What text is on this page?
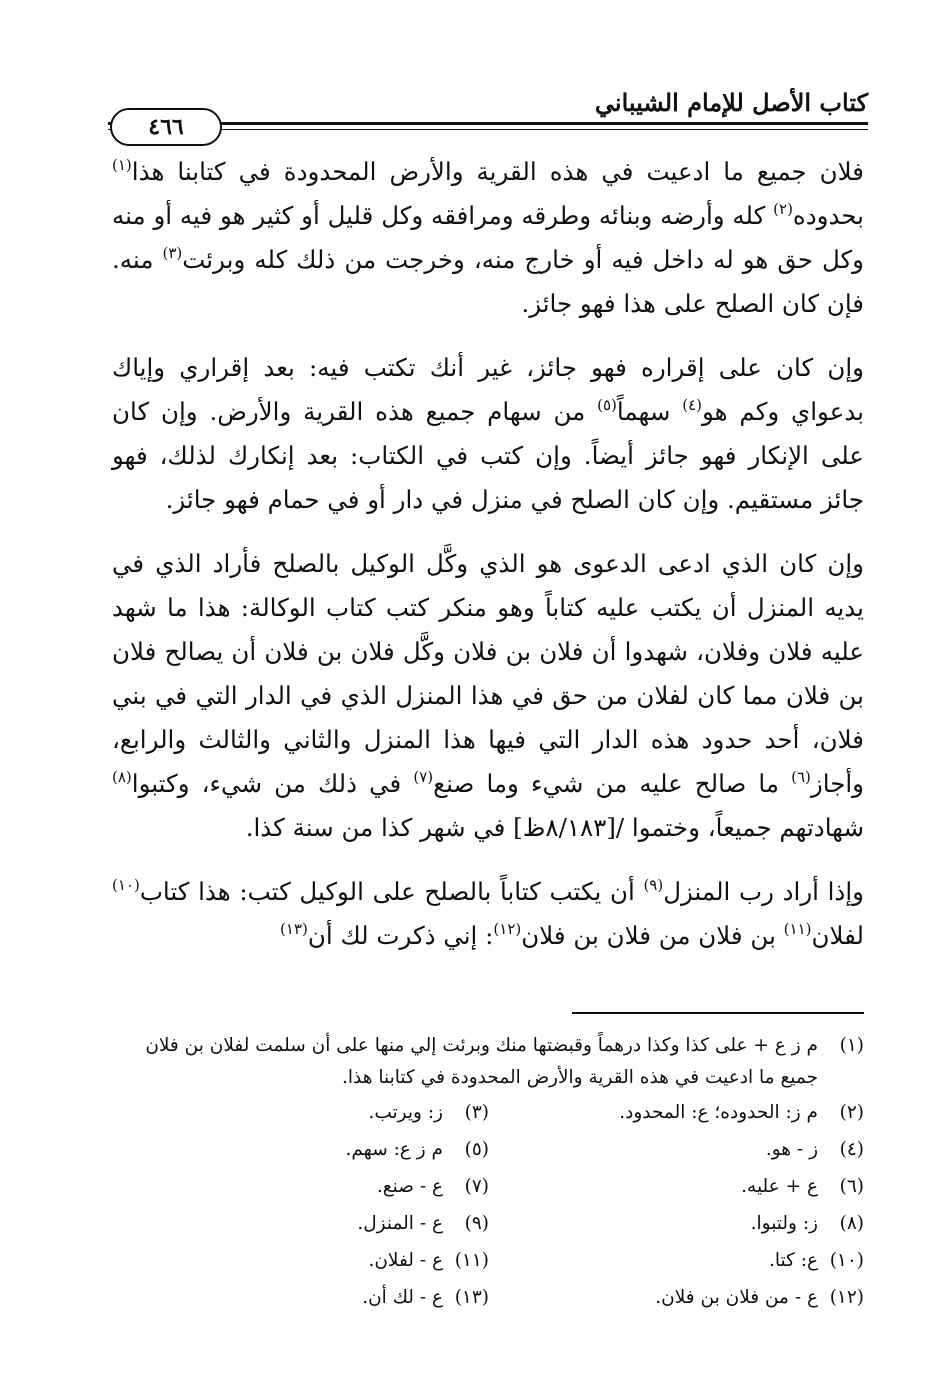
كتاب الأصل للإمام الشيباني
٤٦٦

فلان جميع ما ادعيت في هذه القرية والأرض المحدودة في كتابنا هذا$^{(١)}$ بحدوده$^{(٢)}$ كله وأرضه وبنائه وطرقه ومرافقه وكل قليل أو كثير هو فيه أو منه وكل حق هو له داخل فيه أو خارج منه، وخرجت من ذلك كله وبرئت$^{(٣)}$ منه. فإن كان الصلح على هذا فهو جائز.

وإن كان على إقراره فهو جائز، غير أنك تكتب فيه: بعد إقراري وإياك بدعواي وكم هو$^{(٤)}$ سهماً$^{(٥)}$ من سهام جميع هذه القرية والأرض. وإن كان على الإنكار فهو جائز أيضاً. وإن كتب في الكتاب: بعد إنكارك لذلك، فهو جائز مستقيم. وإن كان الصلح في منزل في دار أو في حمام فهو جائز.

وإن كان الذي ادعى الدعوى هو الذي وكَّل الوكيل بالصلح فأراد الذي في يديه المنزل أن يكتب عليه كتاباً وهو منكر كتب كتاب الوكالة: هذا ما شهد عليه فلان وفلان، شهدوا أن فلان بن فلان وكَّل فلان بن فلان أن يصالح فلان بن فلان مما كان لفلان من حق في هذا المنزل الذي في الدار التي في بني فلان، أحد حدود هذه الدار التي فيها هذا المنزل والثاني والثالث والرابع، وأجاز$^{(٦)}$ ما صالح عليه من شيء وما صنع$^{(٧)}$ في ذلك من شيء، وكتبوا$^{(٨)}$ شهادتهم جميعاً، وختموا /[٨/١٨٣ظ] في شهر كذا من سنة كذا.

وإذا أراد رب المنزل$^{(٩)}$ أن يكتب كتاباً بالصلح على الوكيل كتب: هذا كتاب$^{(١٠)}$ لفلان$^{(١١)}$ بن فلان من فلان بن فلان$^{(١٢)}$: إني ذكرت لك أن$^{(١٣)}$

(١)
م ز ع + على كذا وكذا درهماً وقبضتها منك وبرئت إلي منها على أن سلمت لفلان بن فلان جميع ما ادعيت في هذه القرية والأرض المحدودة في كتابنا هذا.
(٢)
م ز: الحدوده؛ ع: المحدود.
(٣)
ز: ويرتب.
(٤)
ز - هو.
(٥)
م ز ع: سهم.
(٦)
ع + عليه.
(٧)
ع - صنع.
(٨)
ز: ولتبوا.
(٩)
ع - المنزل.
(١٠)
ع: كتا.
(١١)
ع - لفلان.
(١٢)
ع - من فلان بن فلان.
(١٣)
ع - لك أن.
